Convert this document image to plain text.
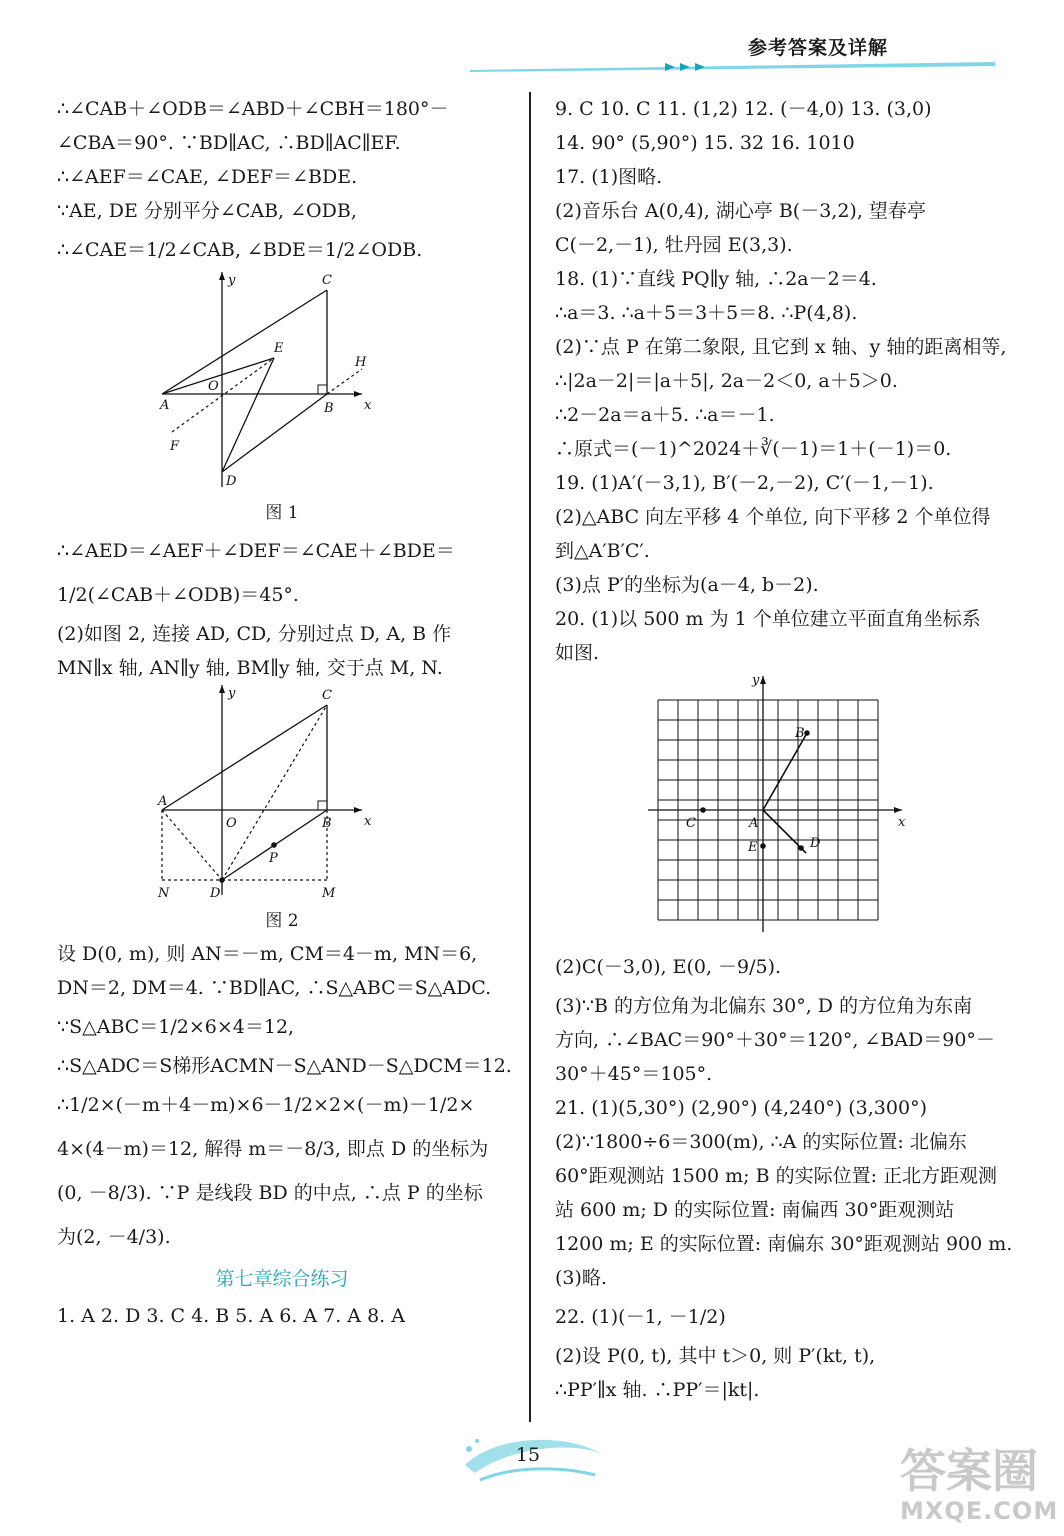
参考答案及详解
∴∠CAB＋∠ODB＝∠ABD＋∠CBH＝180°－
∠CBA＝90°. ∵BD∥AC, ∴BD∥AC∥EF.
∴∠AEF＝∠CAE, ∠DEF＝∠BDE.
∵AE, DE 分别平分∠CAB, ∠ODB,
∴∠CAE＝1/2∠CAB, ∠BDE＝1/2∠ODB.
y
x
C
E
H
O
A	B
F
D
图 1
∴∠AED＝∠AEF＋∠DEF＝∠CAE＋∠BDE＝
1/2(∠CAB＋∠ODB)＝45°.
(2)如图 2, 连接 AD, CD, 分别过点 D, A, B 作
MN∥x 轴, AN∥y 轴, BM∥y 轴, 交于点 M, N.
y
x
C
A
O	B
P
N	D	M
图 2
设 D(0, m), 则 AN＝－m, CM＝4－m, MN＝6,
DN＝2, DM＝4. ∵BD∥AC, ∴S△ABC＝S△ADC.
∵S△ABC＝1/2×6×4＝12,
∴S△ADC＝S梯形ACMN－S△AND－S△DCM＝12.
∴1/2×(－m＋4－m)×6－1/2×2×(－m)－1/2×
4×(4－m)＝12, 解得 m＝－8/3, 即点 D 的坐标为
(0, －8/3). ∵P 是线段 BD 的中点, ∴点 P 的坐标
为(2, －4/3).
第七章综合练习
1. A 2. D 3. C 4. B 5. A 6. A 7. A 8. A
9. C 10. C 11. (1,2) 12. (－4,0) 13. (3,0)
14. 90° (5,90°) 15. 32 16. 1010
17. (1)图略.
(2)音乐台 A(0,4), 湖心亭 B(－3,2), 望春亭
C(－2,－1), 牡丹园 E(3,3).
18. (1)∵直线 PQ∥y 轴, ∴2a－2＝4.
∴a＝3. ∴a＋5＝3＋5＝8. ∴P(4,8).
(2)∵点 P 在第二象限, 且它到 x 轴、y 轴的距离相等,
∴|2a－2|＝|a＋5|, 2a－2＜0, a＋5＞0.
∴2－2a＝a＋5. ∴a＝－1.
∴原式＝(－1)^2024＋∛(－1)＝1＋(－1)＝0.
19. (1)A′(－3,1), B′(－2,－2), C′(－1,－1).
(2)△ABC 向左平移 4 个单位, 向下平移 2 个单位得
到△A′B′C′.
(3)点 P′的坐标为(a－4, b－2).
20. (1)以 500 m 为 1 个单位建立平面直角坐标系
如图.
y
x
B
C	A
E	D
(2)C(－3,0), E(0, －9/5).
(3)∵B 的方位角为北偏东 30°, D 的方位角为东南
方向, ∴∠BAC＝90°＋30°＝120°, ∠BAD＝90°－
30°＋45°＝105°.
21. (1)(5,30°) (2,90°) (4,240°) (3,300°)
(2)∵1800÷6＝300(m), ∴A 的实际位置: 北偏东
60°距观测站 1500 m; B 的实际位置: 正北方距观测
站 600 m; D 的实际位置: 南偏西 30°距观测站
1200 m; E 的实际位置: 南偏东 30°距观测站 900 m.
(3)略.
22. (1)(－1, －1/2)
(2)设 P(0, t), 其中 t＞0, 则 P′(kt, t),
∴PP′∥x 轴. ∴PP′＝|kt|.
15	答案圈
MXQE.COM
